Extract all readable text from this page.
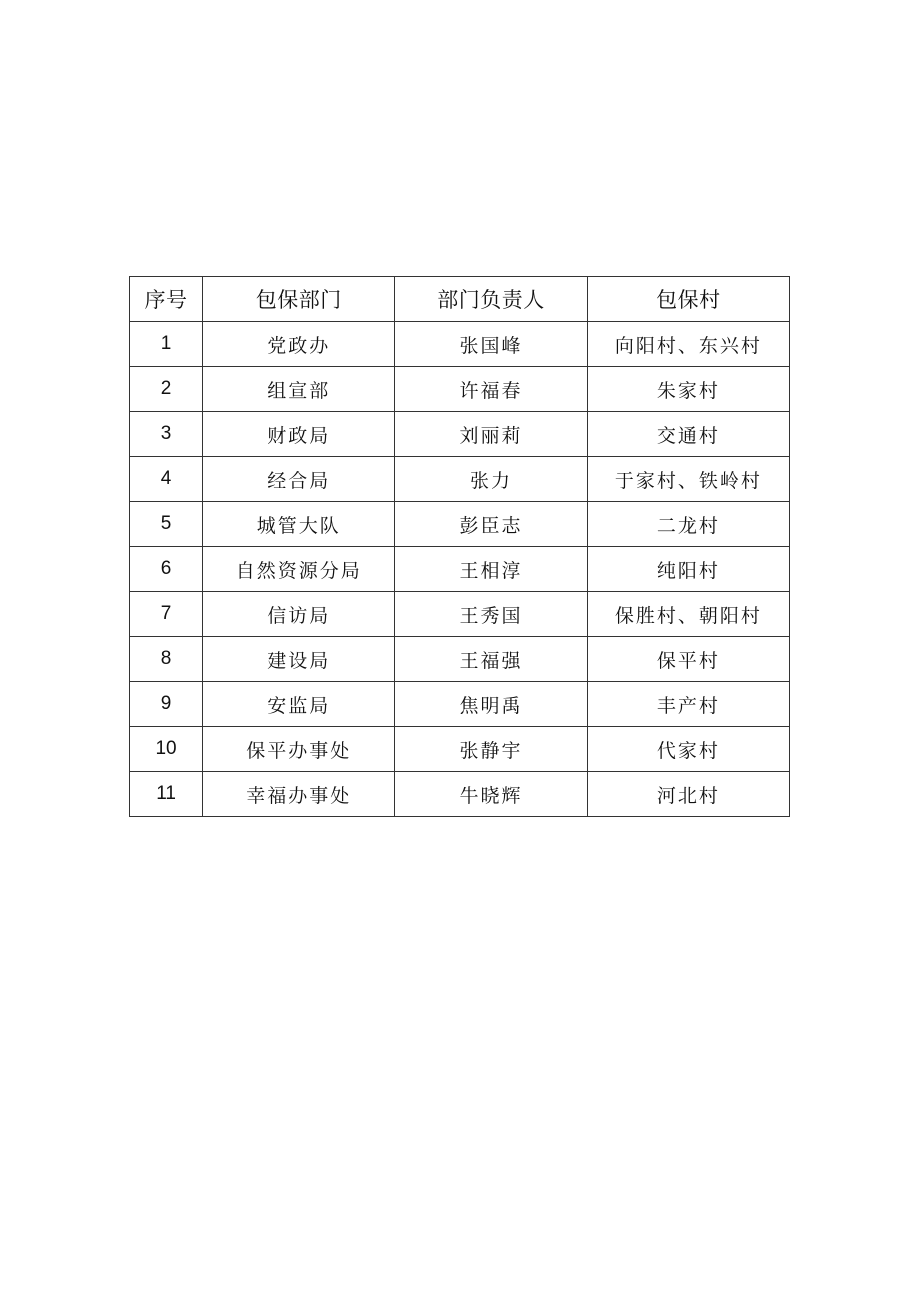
序号	包保部门	部门负责人	包保村
1	党政办	张国峰	向阳村、东兴村
2	组宣部	许福春	朱家村
3	财政局	刘丽莉	交通村
4	经合局	张力	于家村、铁岭村
5	城管大队	彭臣志	二龙村
6	自然资源分局	王相淳	纯阳村
7	信访局	王秀国	保胜村、朝阳村
8	建设局	王福强	保平村
9	安监局	焦明禹	丰产村
10	保平办事处	张静宇	代家村
11	幸福办事处	牛晓辉	河北村
